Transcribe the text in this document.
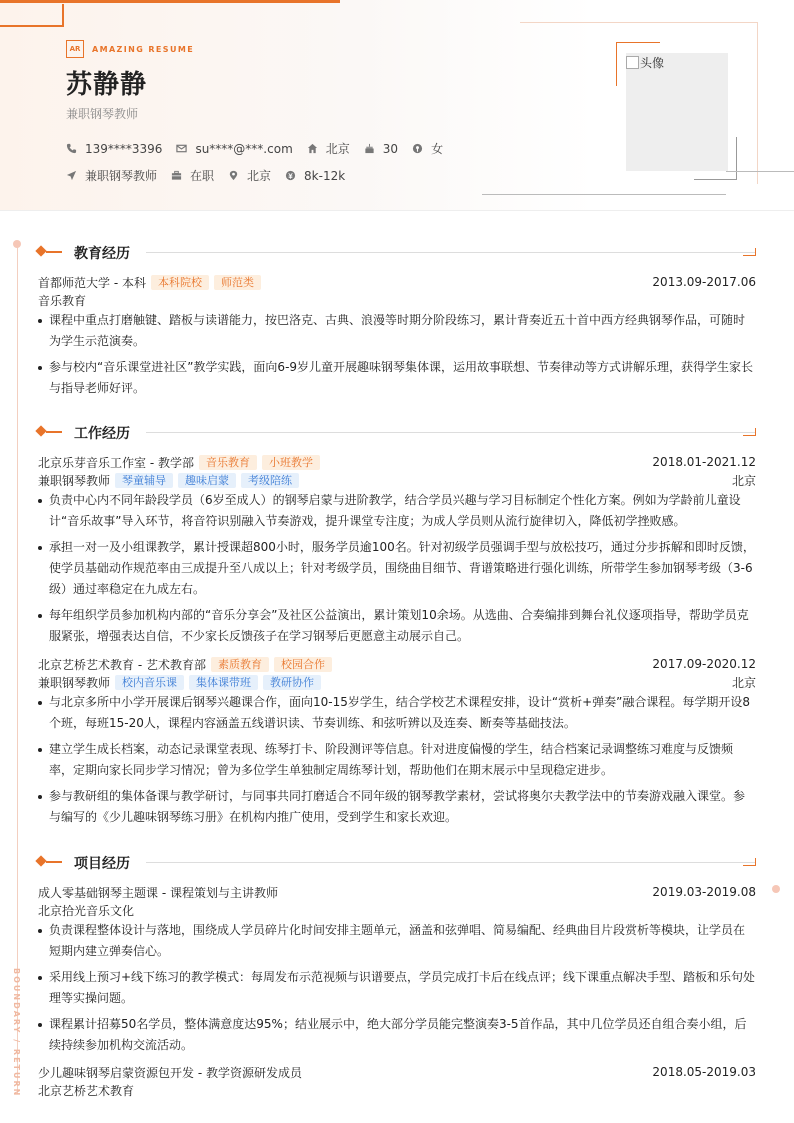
AR	AMAZING RESUME
苏静静
兼职钢琴教师
139****3396	su****@***.com	北京	30	女
兼职钢琴教师	在职	北京	8k-12k
头像
BOUNDARY / RETURN
教育经历
首都师范大学 - 本科	本科院校	师范类	2013.09-2017.06
音乐教育
课程中重点打磨触键、踏板与读谱能力，按巴洛克、古典、浪漫等时期分阶段练习，累计背奏近五十首中西方经典钢琴作品，可随时为学生示范演奏。
参与校内“音乐课堂进社区”教学实践，面向6-9岁儿童开展趣味钢琴集体课，运用故事联想、节奏律动等方式讲解乐理，获得学生家长与指导老师好评。
工作经历
北京乐芽音乐工作室 - 教学部	音乐教育	小班教学	2018.01-2021.12
兼职钢琴教师	琴童辅导	趣味启蒙	考级陪练	北京
负责中心内不同年龄段学员（6岁至成人）的钢琴启蒙与进阶教学，结合学员兴趣与学习目标制定个性化方案。例如为学龄前儿童设计“音乐故事”导入环节，将音符识别融入节奏游戏，提升课堂专注度；为成人学员则从流行旋律切入，降低初学挫败感。
承担一对一及小组课教学，累计授课超800小时，服务学员逾100名。针对初级学员强调手型与放松技巧，通过分步拆解和即时反馈，使学员基础动作规范率由三成提升至八成以上；针对考级学员，围绕曲目细节、背谱策略进行强化训练，所带学生参加钢琴考级（3-6级）通过率稳定在九成左右。
每年组织学员参加机构内部的“音乐分享会”及社区公益演出，累计策划10余场。从选曲、合奏编排到舞台礼仪逐项指导，帮助学员克服紧张，增强表达自信，不少家长反馈孩子在学习钢琴后更愿意主动展示自己。
北京艺桥艺术教育 - 艺术教育部	素质教育	校园合作	2017.09-2020.12
兼职钢琴教师	校内音乐课	集体课带班	教研协作	北京
与北京多所中小学开展课后钢琴兴趣课合作，面向10-15岁学生，结合学校艺术课程安排，设计“赏析+弹奏”融合课程。每学期开设8个班，每班15-20人，课程内容涵盖五线谱识读、节奏训练、和弦听辨以及连奏、断奏等基础技法。
建立学生成长档案，动态记录课堂表现、练琴打卡、阶段测评等信息。针对进度偏慢的学生，结合档案记录调整练习难度与反馈频率，定期向家长同步学习情况；曾为多位学生单独制定周练琴计划，帮助他们在期末展示中呈现稳定进步。
参与教研组的集体备课与教学研讨，与同事共同打磨适合不同年级的钢琴教学素材，尝试将奥尔夫教学法中的节奏游戏融入课堂。参与编写的《少儿趣味钢琴练习册》在机构内推广使用，受到学生和家长欢迎。
项目经历
成人零基础钢琴主题课 - 课程策划与主讲教师	2019.03-2019.08
北京拾光音乐文化
负责课程整体设计与落地，围绕成人学员碎片化时间安排主题单元，涵盖和弦弹唱、简易编配、经典曲目片段赏析等模块，让学员在短期内建立弹奏信心。
采用线上预习+线下练习的教学模式：每周发布示范视频与识谱要点，学员完成打卡后在线点评；线下课重点解决手型、踏板和乐句处理等实操问题。
课程累计招募50名学员，整体满意度达95%；结业展示中，绝大部分学员能完整演奏3-5首作品，其中几位学员还自组合奏小组，后续持续参加机构交流活动。
少儿趣味钢琴启蒙资源包开发 - 教学资源研发成员	2018.05-2019.03
北京艺桥艺术教育
